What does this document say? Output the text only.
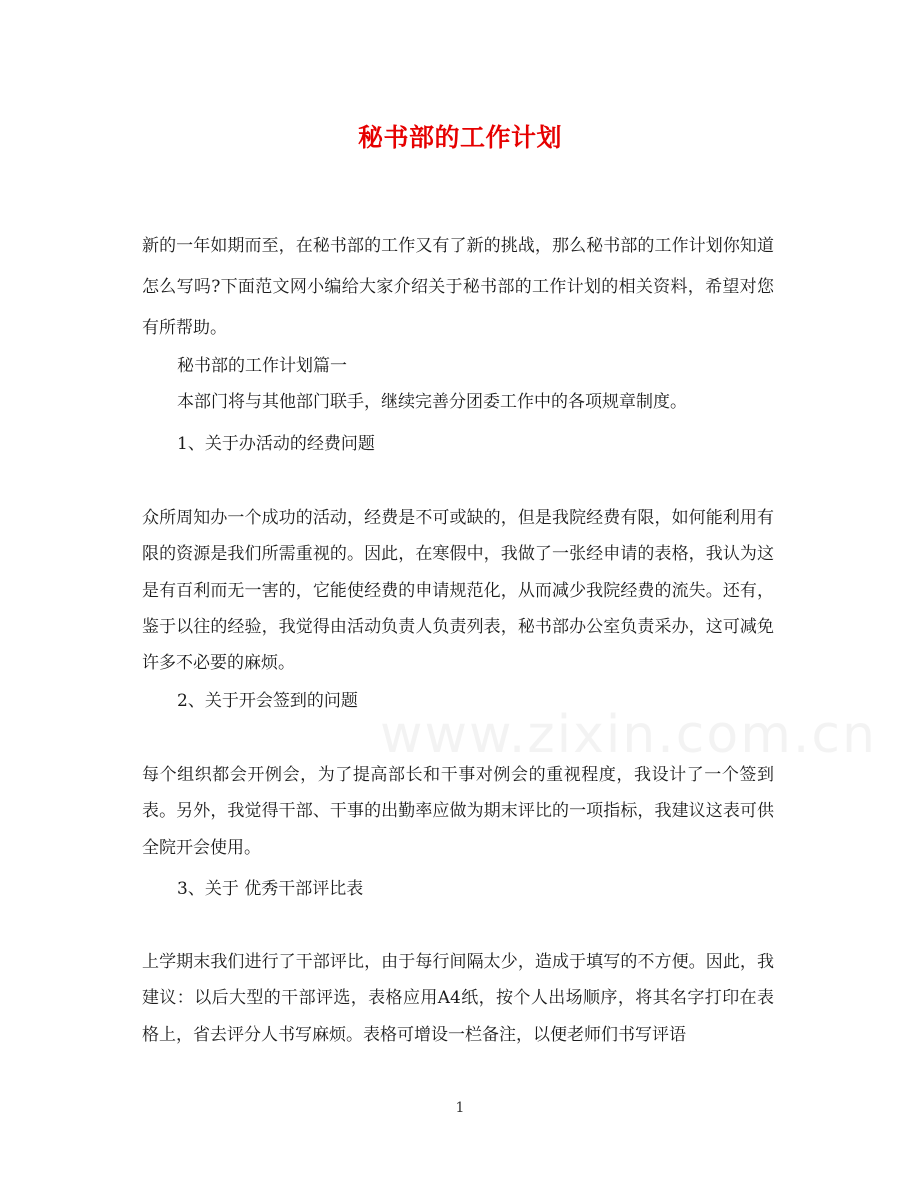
秘书部的工作计划

新的一年如期而至，在秘书部的工作又有了新的挑战，那么秘书部的工作计划你知道怎么写吗?下面范文网小编给大家介绍关于秘书部的工作计划的相关资料，希望对您有所帮助。

秘书部的工作计划篇一
本部门将与其他部门联手，继续完善分团委工作中的各项规章制度。
1、关于办活动的经费问题

众所周知办一个成功的活动，经费是不可或缺的，但是我院经费有限，如何能利用有限的资源是我们所需重视的。因此，在寒假中，我做了一张经申请的表格，我认为这是有百利而无一害的，它能使经费的申请规范化，从而减少我院经费的流失。还有，鉴于以往的经验，我觉得由活动负责人负责列表，秘书部办公室负责采办，这可减免许多不必要的麻烦。

2、关于开会签到的问题

每个组织都会开例会，为了提高部长和干事对例会的重视程度，我设计了一个签到表。另外，我觉得干部、干事的出勤率应做为期末评比的一项指标，我建议这表可供全院开会使用。

3、关于 优秀干部评比表

上学期末我们进行了干部评比，由于每行间隔太少，造成于填写的不方便。因此，我建议：以后大型的干部评选，表格应用A4纸，按个人出场顺序，将其名字打印在表格上，省去评分人书写麻烦。表格可增设一栏备注，以便老师们书写评语

www.zixin.com.cn
1
